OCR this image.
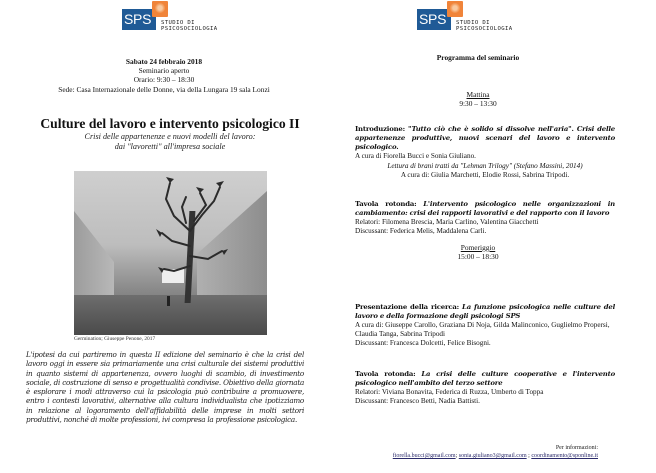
SPS	STUDIO DI
PSICOSOCIOLOGIA
Sabato 24 febbraio 2018
Seminario aperto
Orario: 9:30 – 18:30
Sede: Casa Internazionale delle Donne, via della Lungara 19 sala Lonzi
Culture del lavoro e intervento psicologico II
Crisi delle appartenenze e nuovi modelli del lavoro:
dai "lavoretti" all'impresa sociale
Germination; Giuseppe Penone, 2017
L'ipotesi da cui partiremo in questa II edizione del seminario è che la crisi del lavoro oggi in essere sia primariamente una crisi culturale dei sistemi produttivi in quanto sistemi di appartenenza, ovvero luoghi di scambio, di investimento sociale, di costruzione di senso e progettualità condivise. Obiettivo della giornata è esplorare i modi attraverso cui la psicologia può contribuire a promuovere, entro i contesti lavorativi, alternative alla cultura individualista che ipotizziamo in relazione al logoramento dell'affidabilità delle imprese in molti settori produttivi, nonché di molte professioni, ivi compresa la professione psicologica.
SPS	STUDIO DI
PSICOSOCIOLOGIA
Programma del seminario
Mattina
9:30 – 13:30
Pomeriggio
15:00 – 18:30
Introduzione: "Tutto ciò che è solido si dissolve nell'aria". Crisi delle appartenenze produttive, nuovi scenari del lavoro e intervento psicologico.
A cura di Fiorella Bucci e Sonia Giuliano.
Lettura di brani tratti da "Lehman Trilogy" (Stefano Massini, 2014)
A cura di: Giulia Marchetti, Elodie Rossi, Sabrina Tripodi.
Tavola rotonda: L'intervento psicologico nelle organizzazioni in cambiamento: crisi dei rapporti lavorativi e del rapporto con il lavoro
Relatori: Filomena Brescia, Maria Carlino, Valentina Giacchetti
Discussant: Federica Melis, Maddalena Carli.
Presentazione della ricerca: La funzione psicologica nelle culture del lavoro e della formazione degli psicologi SPS
A cura di: Giuseppe Carollo, Graziana Di Noja, Gilda Malinconico, Guglielmo Propersi, Claudia Tanga, Sabrina Tripodi
Discussant: Francesca Dolcetti, Felice Bisogni.
Tavola rotonda: La crisi delle culture cooperative e l'intervento psicologico nell'ambito del terzo settore
Relatori: Viviana Bonavita, Federica di Ruzza, Umberto di Toppa
Discussant: Francesco Betti, Nadia Battisti.
Per informazioni:
fiorella.bucci@gmail.com; sonia.giuliano3@gmail.com ; coordinamento@sponline.it
